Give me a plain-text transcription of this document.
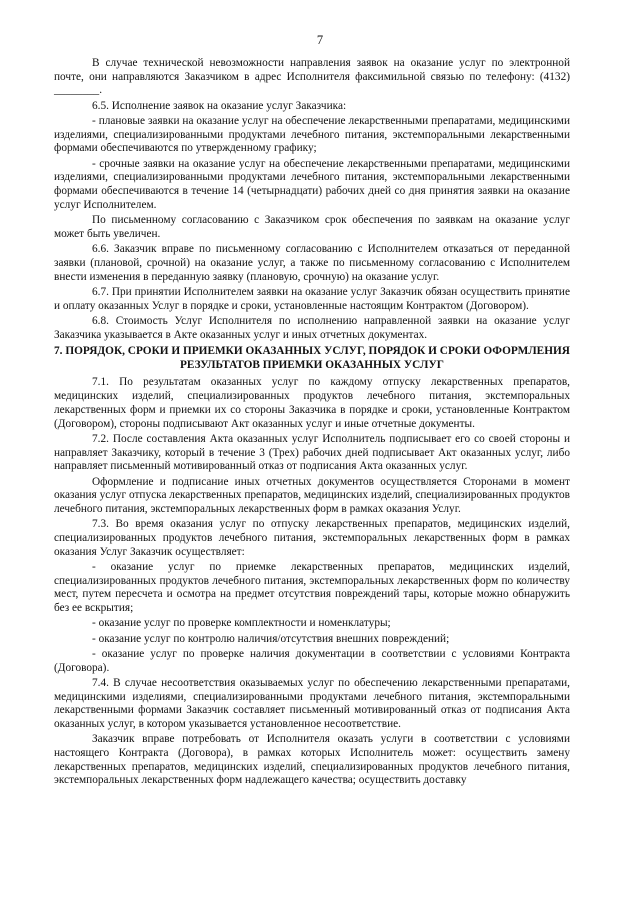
7

В случае технической невозможности направления заявок на оказание услуг по электронной почте, они направляются Заказчиком в адрес Исполнителя факсимильной связью по телефону: (4132) ________.

6.5. Исполнение заявок на оказание услуг Заказчика:

- плановые заявки на оказание услуг на обеспечение лекарственными препаратами, медицинскими изделиями, специализированными продуктами лечебного питания, экстемпоральными лекарственными формами обеспечиваются по утвержденному графику;

- срочные заявки на оказание услуг на обеспечение лекарственными препаратами, медицинскими изделиями, специализированными продуктами лечебного питания, экстемпоральными лекарственными формами обеспечиваются в течение 14 (четырнадцати) рабочих дней со дня принятия заявки на оказание услуг Исполнителем.

По письменному согласованию с Заказчиком срок обеспечения по заявкам на оказание услуг может быть увеличен.

6.6. Заказчик вправе по письменному согласованию с Исполнителем отказаться от переданной заявки (плановой, срочной) на оказание услуг, а также по письменному согласованию с Исполнителем внести изменения в переданную заявку (плановую, срочную) на оказание услуг.

6.7. При принятии Исполнителем заявки на оказание услуг Заказчик обязан осуществить принятие и оплату оказанных Услуг в порядке и сроки, установленные настоящим Контрактом (Договором).

6.8. Стоимость Услуг Исполнителя по исполнению направленной заявки на оказание услуг Заказчика указывается в Акте оказанных услуг и иных отчетных документах.

7. ПОРЯДОК, СРОКИ И ПРИЕМКИ ОКАЗАННЫХ УСЛУГ, ПОРЯДОК И СРОКИ ОФОРМЛЕНИЯ РЕЗУЛЬТАТОВ ПРИЕМКИ ОКАЗАННЫХ УСЛУГ

7.1. По результатам оказанных услуг по каждому отпуску лекарственных препаратов, медицинских изделий, специализированных продуктов лечебного питания, экстемпоральных лекарственных форм и приемки их со стороны Заказчика в порядке и сроки, установленные Контрактом (Договором), стороны подписывают Акт оказанных услуг и иные отчетные документы.

7.2. После составления Акта оказанных услуг Исполнитель подписывает его со своей стороны и направляет Заказчику, который в течение 3 (Трех) рабочих дней подписывает Акт оказанных услуг, либо направляет письменный мотивированный отказ от подписания Акта оказанных услуг.

Оформление и подписание иных отчетных документов осуществляется Сторонами в момент оказания услуг отпуска лекарственных препаратов, медицинских изделий, специализированных продуктов лечебного питания, экстемпоральных лекарственных форм в рамках оказания Услуг.

7.3. Во время оказания услуг по отпуску лекарственных препаратов, медицинских изделий, специализированных продуктов лечебного питания, экстемпоральных лекарственных форм в рамках оказания Услуг Заказчик осуществляет:

- оказание услуг по приемке лекарственных препаратов, медицинских изделий, специализированных продуктов лечебного питания, экстемпоральных лекарственных форм по количеству мест, путем пересчета и осмотра на предмет отсутствия повреждений тары, которые можно обнаружить без ее вскрытия;

- оказание услуг по проверке комплектности и номенклатуры;

- оказание услуг по контролю наличия/отсутствия внешних повреждений;

- оказание услуг по проверке наличия документации в соответствии с условиями Контракта (Договора).

7.4. В случае несоответствия оказываемых услуг по обеспечению лекарственными препаратами, медицинскими изделиями, специализированными продуктами лечебного питания, экстемпоральными лекарственными формами Заказчик составляет письменный мотивированный отказ от подписания Акта оказанных услуг, в котором указывается установленное несоответствие.

Заказчик вправе потребовать от Исполнителя оказать услуги в соответствии с условиями настоящего Контракта (Договора), в рамках которых Исполнитель может: осуществить замену лекарственных препаратов, медицинских изделий, специализированных продуктов лечебного питания, экстемпоральных лекарственных форм надлежащего качества; осуществить доставку
